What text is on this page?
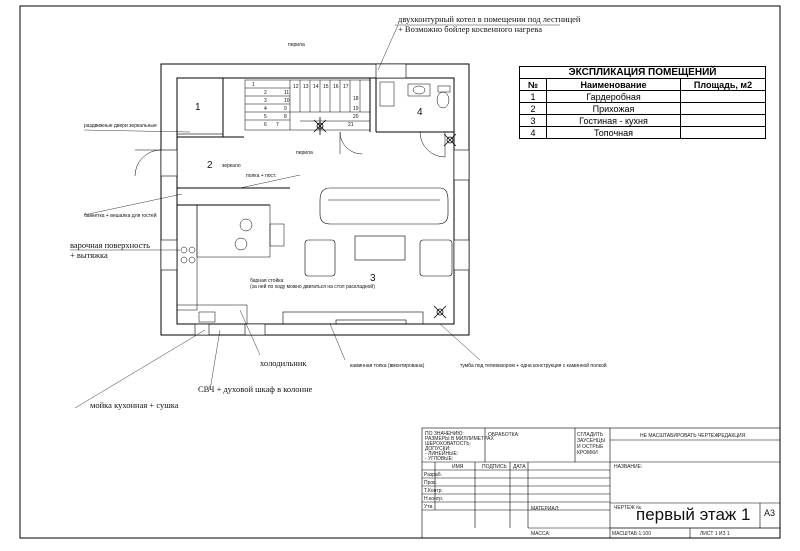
1
2
3
4
1
2
3
4
5
6 7
8
9
10
11
12 13 14 15 16 17
18
19
20
21
двухконтурный котел в помещении под лестницей
+ Возможно бойлер косвенного нагрева
варочная поверхность
+ вытяжка
холодильник
СВЧ + духовой шкаф в колонне
мойка кухонная + сушка
перила
раздвижные двери зеркальные
зеркало
банкетка + вешалка для гостей
полка + пост.
барная стойка
(за ней по ходу можно двигаться на стол раскладной)
каминная топка (вмонтирована)	тумба под телевизором + одна конструкция с каминной полкой
перила
ЭКСПЛИКАЦИЯ ПОМЕЩЕНИЙ		
№	Наименование	Площадь, м2
1	Гардеробная	
2	Прихожая	
3	Гостиная - кухня	
4	Топочная	
ПО ЗНАЧЕНИЮ:
РАЗМЕРЫ В МИЛЛИМЕТРАХ
ШЕРОХОВАТОСТЬ:
ДОПУСКИ:
- ЛИНЕЙНЫЕ:
- УГЛОВЫЕ:
ОБРАБОТКА:	СГЛАДИТЬ ЗАУСЕНЦЫ И ОСТРЫЕ КРОМКИ
НЕ МАСШТАБИРОВАТЬ ЧЕРТЕЖ РЕДАКЦИЯ
ИМЯ	ПОДПИСЬ ДАТА	НАЗВАНИЕ:
Разраб.
Пров.
Т.Контр.
Н.контр.
Утв.	МАТЕРИАЛ:	ЧЕРТЕЖ №
МАССА:	МАСШТАБ:1:100	ЛИСТ 1 ИЗ 1
первый этаж 1 А3
